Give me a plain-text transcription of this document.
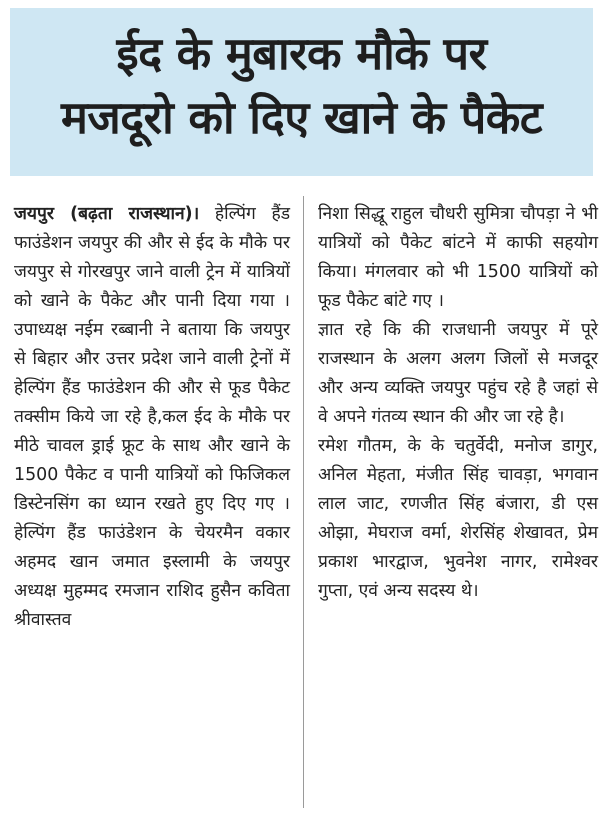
ईद के मुबारक मौके पर
मजदूरो को दिए खाने के पैकेट

जयपुर (बढ़ता राजस्थान)। हेल्पिंग हैंड फाउंडेशन जयपुर की और से ईद के मौके पर जयपुर से गोरखपुर जाने वाली ट्रेन में यात्रियों को खाने के पैकेट और पानी दिया गया ।उपाध्यक्ष नईम रब्बानी ने बताया कि जयपुर से बिहार और उत्तर प्रदेश जाने वाली ट्रेनों में हेल्पिंग हैंड फाउंडेशन की और से फूड पैकेट तक्सीम किये जा रहे है,कल ईद के मौके पर मीठे चावल ड्राई फ्रूट के साथ और खाने के 1500 पैकेट व पानी यात्रियों को फिजिकल डिस्टेनसिंग का ध्यान रखते हुए दिए गए ।हेल्पिंग हैंड फाउंडेशन के चेयरमैन वकार अहमद खान जमात इस्लामी के जयपुर अध्यक्ष मुहम्मद रमजान राशिद हुसैन कविता श्रीवास्तव

निशा सिद्धू राहुल चौधरी सुमित्रा चौपड़ा ने भी यात्रियों को पैकेट बांटने में काफी सहयोग किया। मंगलवार को भी 1500 यात्रियों को फूड पैकेट बांटे गए ।

ज्ञात रहे कि की राजधानी जयपुर में पूरे राजस्थान के अलग अलग जिलों से मजदूर और अन्य व्यक्ति जयपुर पहुंच रहे है जहां से वे अपने गंतव्य स्थान की और जा रहे है।

रमेश गौतम, के के चतुर्वेदी, मनोज डागुर, अनिल मेहता, मंजीत सिंह चावड़ा, भगवान लाल जाट, रणजीत सिंह बंजारा, डी एस ओझा, मेघराज वर्मा, शेरसिंह शेखावत, प्रेम प्रकाश भारद्वाज, भुवनेश नागर, रामेश्वर गुप्ता, एवं अन्य सदस्य थे।
